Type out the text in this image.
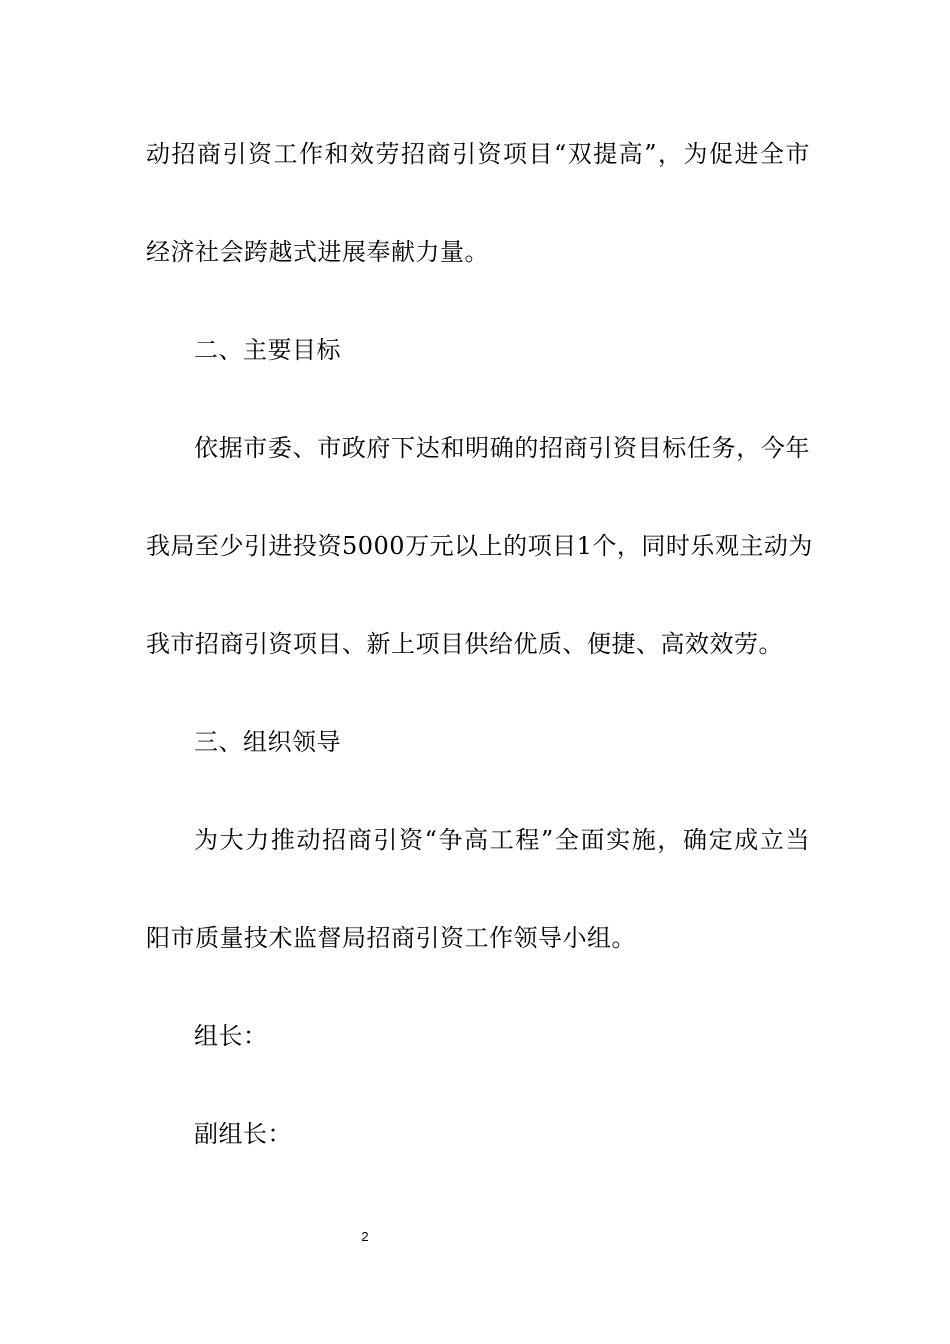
动招商引资工作和效劳招商引资项目“双提高”，为促进全市
经济社会跨越式进展奉献力量。
二、主要目标
依据市委、市政府下达和明确的招商引资目标任务，今年
我局至少引进投资5000万元以上的项目1个，同时乐观主动为
我市招商引资项目、新上项目供给优质、便捷、高效效劳。
三、组织领导
为大力推动招商引资“争高工程”全面实施，确定成立当
阳市质量技术监督局招商引资工作领导小组。
组长：
副组长：
2
